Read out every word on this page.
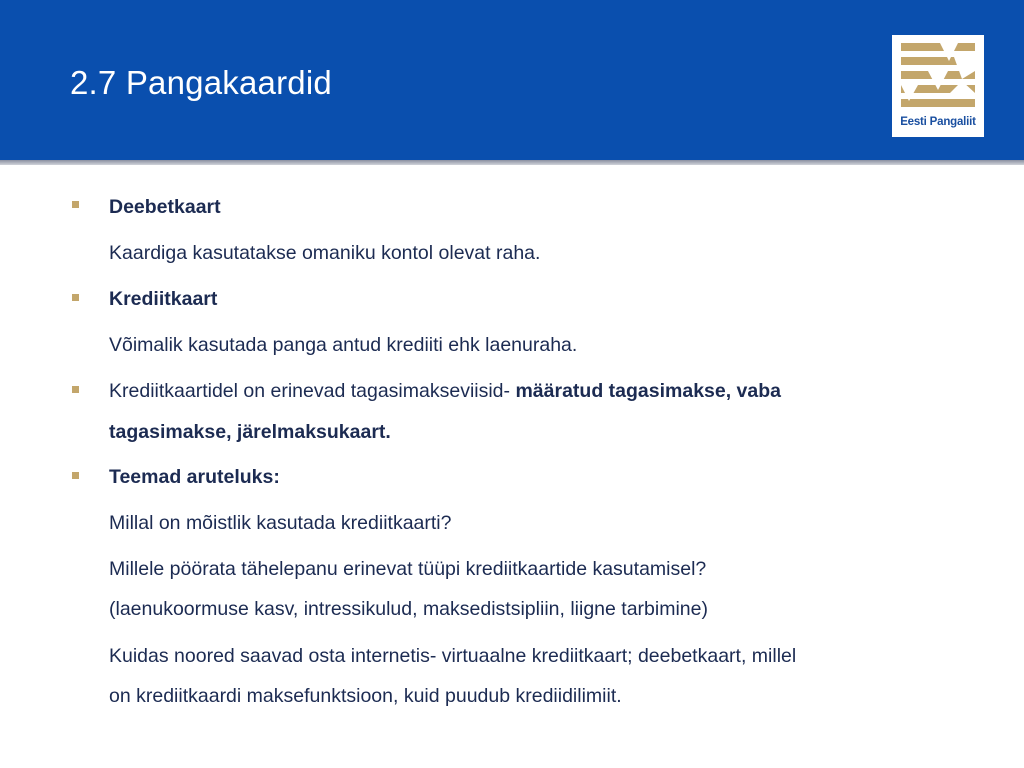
2.7 Pangakaardid
Eesti Pangaliit
Deebetkaart
Kaardiga kasutatakse omaniku kontol olevat raha.
Krediitkaart
Võimalik kasutada panga antud krediiti ehk laenuraha.
Krediitkaartidel on erinevad tagasimakseviisid- määratud tagasimakse, vaba
tagasimakse, järelmaksukaart.
Teemad aruteluks:
Millal on mõistlik kasutada krediitkaarti?
Millele pöörata tähelepanu erinevat tüüpi krediitkaartide kasutamisel?
(laenukoormuse kasv, intressikulud, maksedistsipliin, liigne tarbimine)
Kuidas noored saavad osta internetis- virtuaalne krediitkaart; deebetkaart, millel
on krediitkaardi maksefunktsioon, kuid puudub krediidilimiit.
